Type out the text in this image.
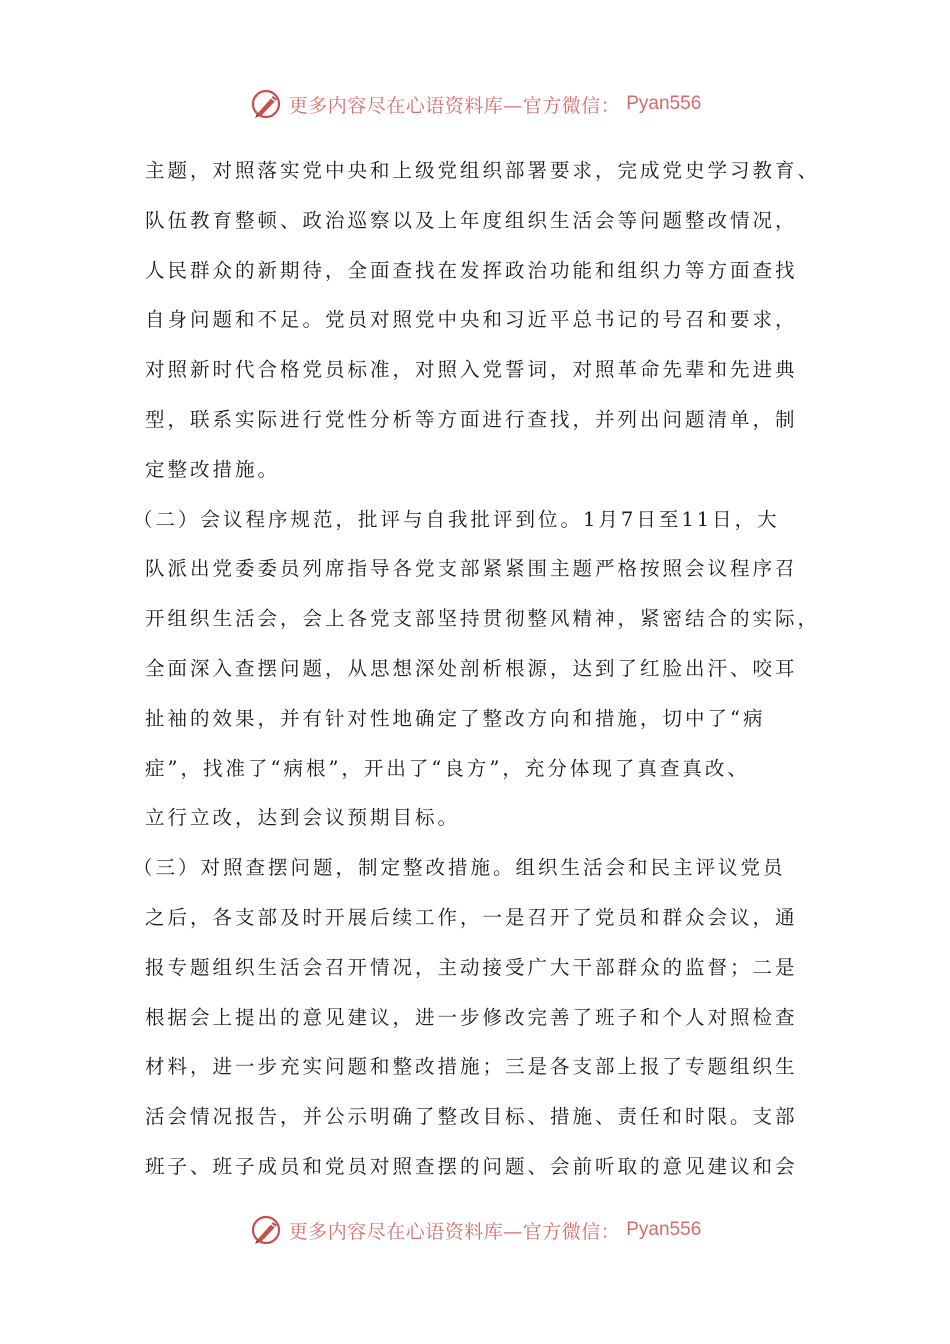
更多内容尽在心语资料库—官方微信： Pyan556
主题，对照落实党中央和上级党组织部署要求，完成党史学习教育、
队伍教育整顿、政治巡察以及上年度组织生活会等问题整改情况，
人民群众的新期待，全面查找在发挥政治功能和组织力等方面查找
自身问题和不足。党员对照党中央和习近平总书记的号召和要求，
对照新时代合格党员标准，对照入党誓词，对照革命先辈和先进典
型，联系实际进行党性分析等方面进行查找，并列出问题清单，制
定整改措施。
（二）会议程序规范，批评与自我批评到位。1月7日至11日，大
队派出党委委员列席指导各党支部紧紧围主题严格按照会议程序召
开组织生活会，会上各党支部坚持贯彻整风精神，紧密结合的实际，
全面深入查摆问题，从思想深处剖析根源，达到了红脸出汗、咬耳
扯袖的效果，并有针对性地确定了整改方向和措施，切中了“病
症”，找准了“病根”，开出了“良方”，充分体现了真查真改、
立行立改，达到会议预期目标。
（三）对照查摆问题，制定整改措施。组织生活会和民主评议党员
之后，各支部及时开展后续工作，一是召开了党员和群众会议，通
报专题组织生活会召开情况，主动接受广大干部群众的监督；二是
根据会上提出的意见建议，进一步修改完善了班子和个人对照检查
材料，进一步充实问题和整改措施；三是各支部上报了专题组织生
活会情况报告，并公示明确了整改目标、措施、责任和时限。支部
班子、班子成员和党员对照查摆的问题、会前听取的意见建议和会
更多内容尽在心语资料库—官方微信： Pyan556
